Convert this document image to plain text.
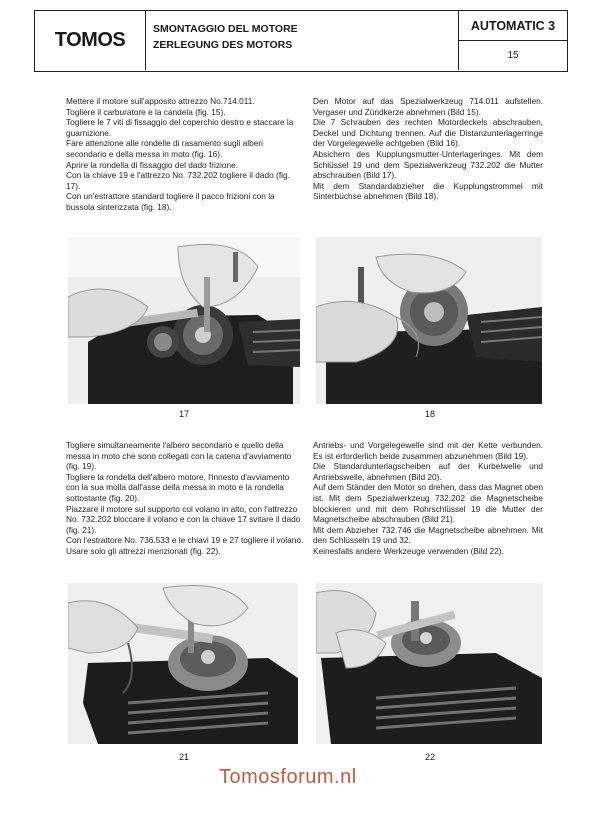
TOMOS	SMONTAGGIO DEL MOTORE
ZERLEGUNG DES MOTORS
AUTOMATIC 3
15

Mettere il motore sull'apposito attrezzo No.714.011.

Togliere il carburatore e la candela (fig. 15).

Togliere le 7 viti di fissaggio del coperchio destro e staccare la guarnizione.

Fare attenzione alle rondelle di rasamento sugli alberi secondario e della messa in moto (fig. 16).

Aprire la rondella di fissaggio del dado frizione.

Con la chiave 19 e l'attrezzo No. 732.202 togliere il dado (fig. 17).

Con un'estrattore standard togliere il pacco frizioni con la bussola sinterizzata (fig. 18).

Den Motor auf das Spezialwerkzeug 714.011 aufstellen. Vergaser und Zündkerze abnehmen (Bild 15).

Die 7 Schrauben des rechten Motordeckels abschrauben, Deckel und Dichtung trennen. Auf die Distanzunterlagerringe der Vorgelegewelle achtgeben (Bild 16).

Absichern des Kupplungsmutter-Unterlageringes. Mit dem Schlüssel 19 und dem Spezialwerkzeug 732.202 die Mutter abschrauben (Bild 17).

Mit dem Standardabzieher die Kupplungstrommel mit Sinterbüchse abnehmen (Bild 18).

17	18

Togliere simultaneamente l'albero secondario e quello della messa in moto che sono collegati con la catena d'avviamento (fig. 19).

Togliere la rondella dell'albero motore, l'innesto d'avviamento con la sua molla dall'asse della messa in moto e la rondella sottostante (fig. 20).

Piazzare il motore sul supporto col volano in alto, con l'attrezzo No. 732.202 bloccare il volano e con la chiave 17 svitare il dado (fig. 21).

Con l'estrattore No. 736.533 e le chiavi 19 e 27 togliere il volano. Usare solo gli attrezzi menzionati (fig. 22).

Antriebs- und Vorgelegewelle sind mit der Kette verbunden. Es ist erforderlich beide zusammen abzunehmen (Bild 19).

Die Standardunterlagscheiben auf der Kurbelwelle und Antriebswelle, abnehmen (Bild 20).

Auf dem Ständer den Motor so drehen, dass das Magnet oben ist. Mit dem Spezialwerkzeug 732.202 die Magnetscheibe blockieren und mit dem Rohrschlüssel 19 die Mutter der Magnetscheibe abschrauben (Bild 21).

Mit dem Abzieher 732.746 die Magnetscheibe abnehmen. Mit den Schlüsseln 19 und 32.

Keinesfalls andere Werkzeuge verwenden (Bild 22).

21	22
Tomosforum.nl
